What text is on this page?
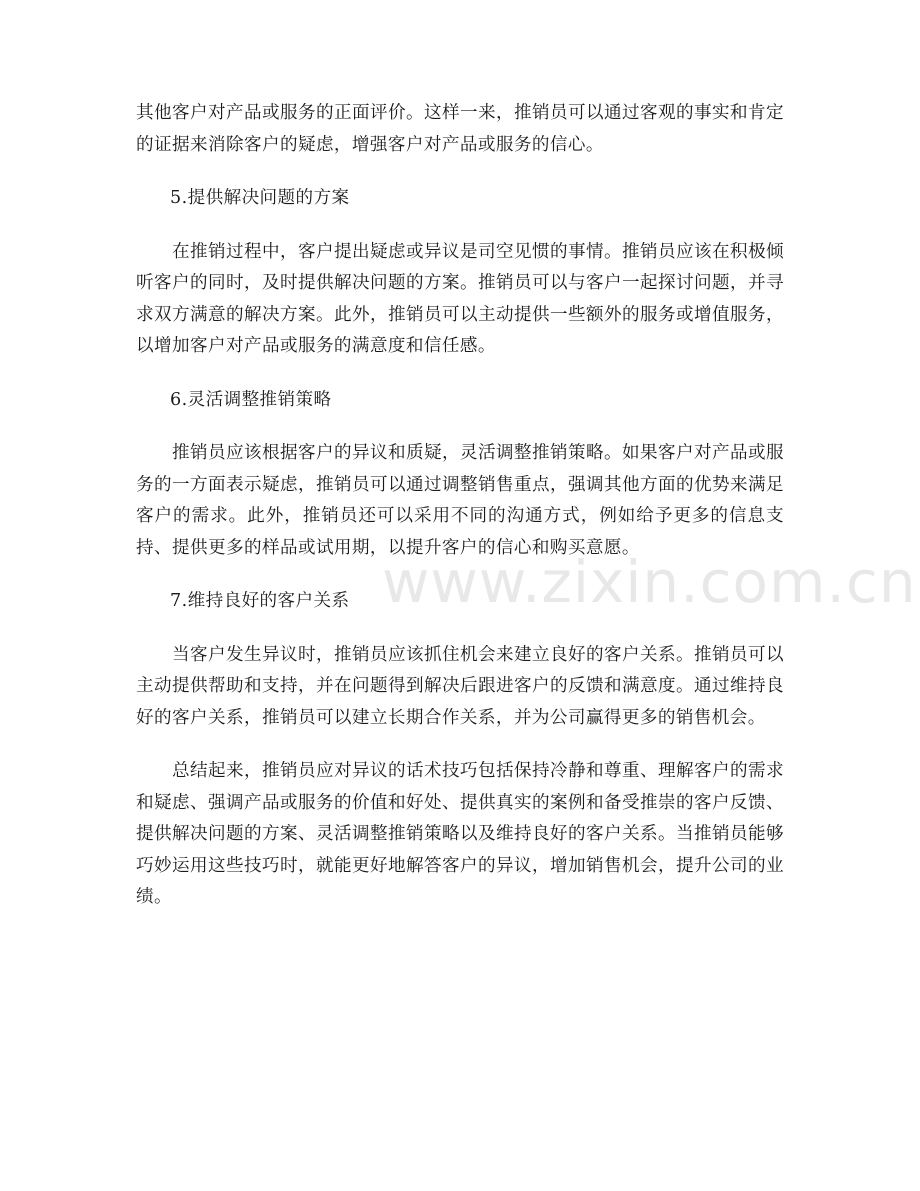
其他客户对产品或服务的正面评价。这样一来，推销员可以通过客观的事实和肯定的证据来消除客户的疑虑，增强客户对产品或服务的信心。

5.提供解决问题的方案

在推销过程中，客户提出疑虑或异议是司空见惯的事情。推销员应该在积极倾听客户的同时，及时提供解决问题的方案。推销员可以与客户一起探讨问题，并寻求双方满意的解决方案。此外，推销员可以主动提供一些额外的服务或增值服务，以增加客户对产品或服务的满意度和信任感。

6.灵活调整推销策略

推销员应该根据客户的异议和质疑，灵活调整推销策略。如果客户对产品或服务的一方面表示疑虑，推销员可以通过调整销售重点，强调其他方面的优势来满足客户的需求。此外，推销员还可以采用不同的沟通方式，例如给予更多的信息支持、提供更多的样品或试用期，以提升客户的信心和购买意愿。

7.维持良好的客户关系

当客户发生异议时，推销员应该抓住机会来建立良好的客户关系。推销员可以主动提供帮助和支持，并在问题得到解决后跟进客户的反馈和满意度。通过维持良好的客户关系，推销员可以建立长期合作关系，并为公司赢得更多的销售机会。

总结起来，推销员应对异议的话术技巧包括保持冷静和尊重、理解客户的需求和疑虑、强调产品或服务的价值和好处、提供真实的案例和备受推崇的客户反馈、提供解决问题的方案、灵活调整推销策略以及维持良好的客户关系。当推销员能够巧妙运用这些技巧时，就能更好地解答客户的异议，增加销售机会，提升公司的业绩。

www.zixin.com.cn
